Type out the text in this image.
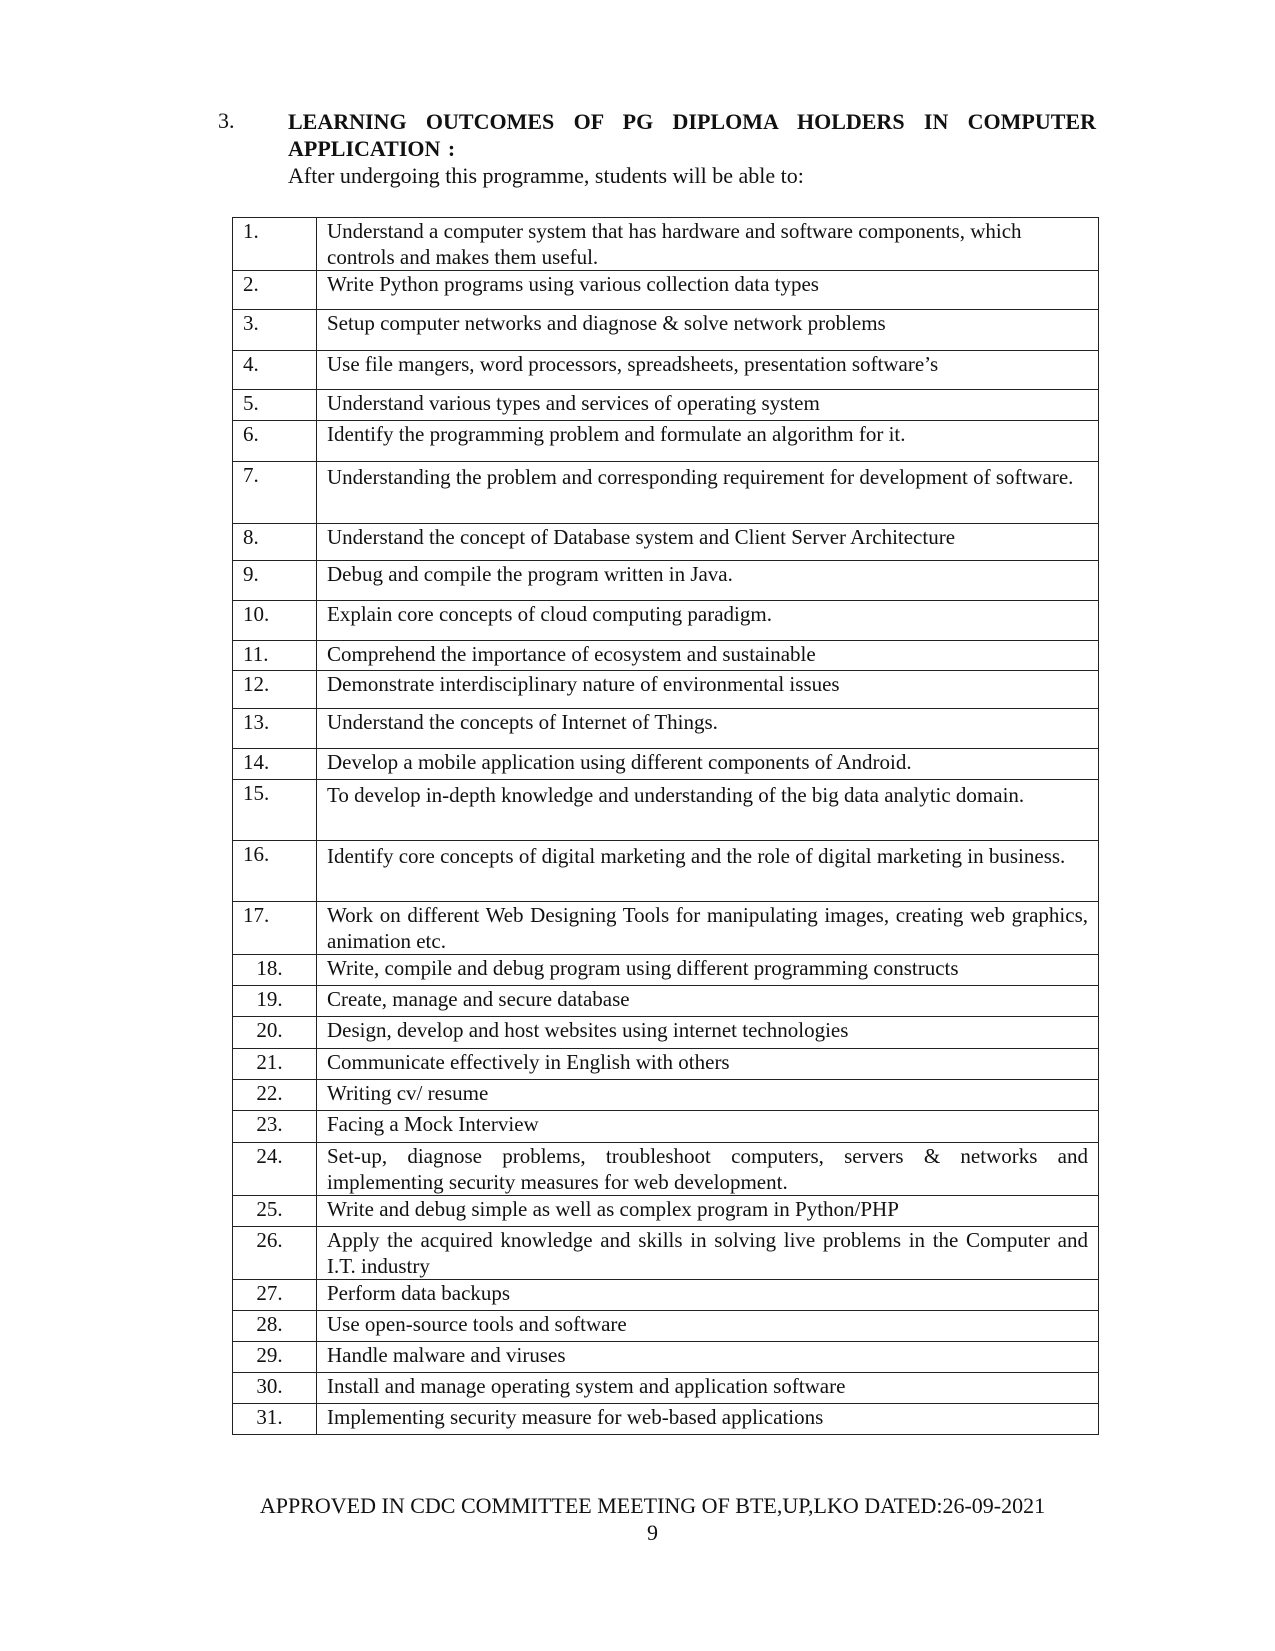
3. LEARNING OUTCOMES OF PG DIPLOMA HOLDERS IN COMPUTER APPLICATION :
After undergoing this programme, students will be able to:
1.	Understand a computer system that has hardware and software components, which controls and makes them useful.
2.	Write Python programs using various collection data types
3.	Setup computer networks and diagnose & solve network problems
4.	Use file mangers, word processors, spreadsheets, presentation software’s
5.	Understand various types and services of operating system
6.	Identify the programming problem and formulate an algorithm for it.
7.	Understanding the problem and corresponding requirement for development of software.
8.	Understand the concept of Database system and Client Server Architecture
9.	Debug and compile the program written in Java.
10.	Explain core concepts of cloud computing paradigm.
11.	Comprehend the importance of ecosystem and sustainable
12.	Demonstrate interdisciplinary nature of environmental issues
13.	Understand the concepts of Internet of Things.
14.	Develop a mobile application using different components of Android.
15.	To develop in-depth knowledge and understanding of the big data analytic domain.
16.	Identify core concepts of digital marketing and the role of digital marketing in business.
17.	Work on different Web Designing Tools for manipulating images, creating web graphics, animation etc.
18.	Write, compile and debug program using different programming constructs
19.	Create, manage and secure database
20.	Design, develop and host websites using internet technologies
21.	Communicate effectively in English with others
22.	Writing cv/ resume
23.	Facing a Mock Interview
24.	Set-up, diagnose problems, troubleshoot computers, servers & networks and implementing security measures for web development.
25.	Write and debug simple as well as complex program in Python/PHP
26.	Apply the acquired knowledge and skills in solving live problems in the Computer and I.T. industry
27.	Perform data backups
28.	Use open-source tools and software
29.	Handle malware and viruses
30.	Install and manage operating system and application software
31.	Implementing security measure for web-based applications
APPROVED IN CDC COMMITTEE MEETING OF BTE,UP,LKO DATED:26-09-2021
9
